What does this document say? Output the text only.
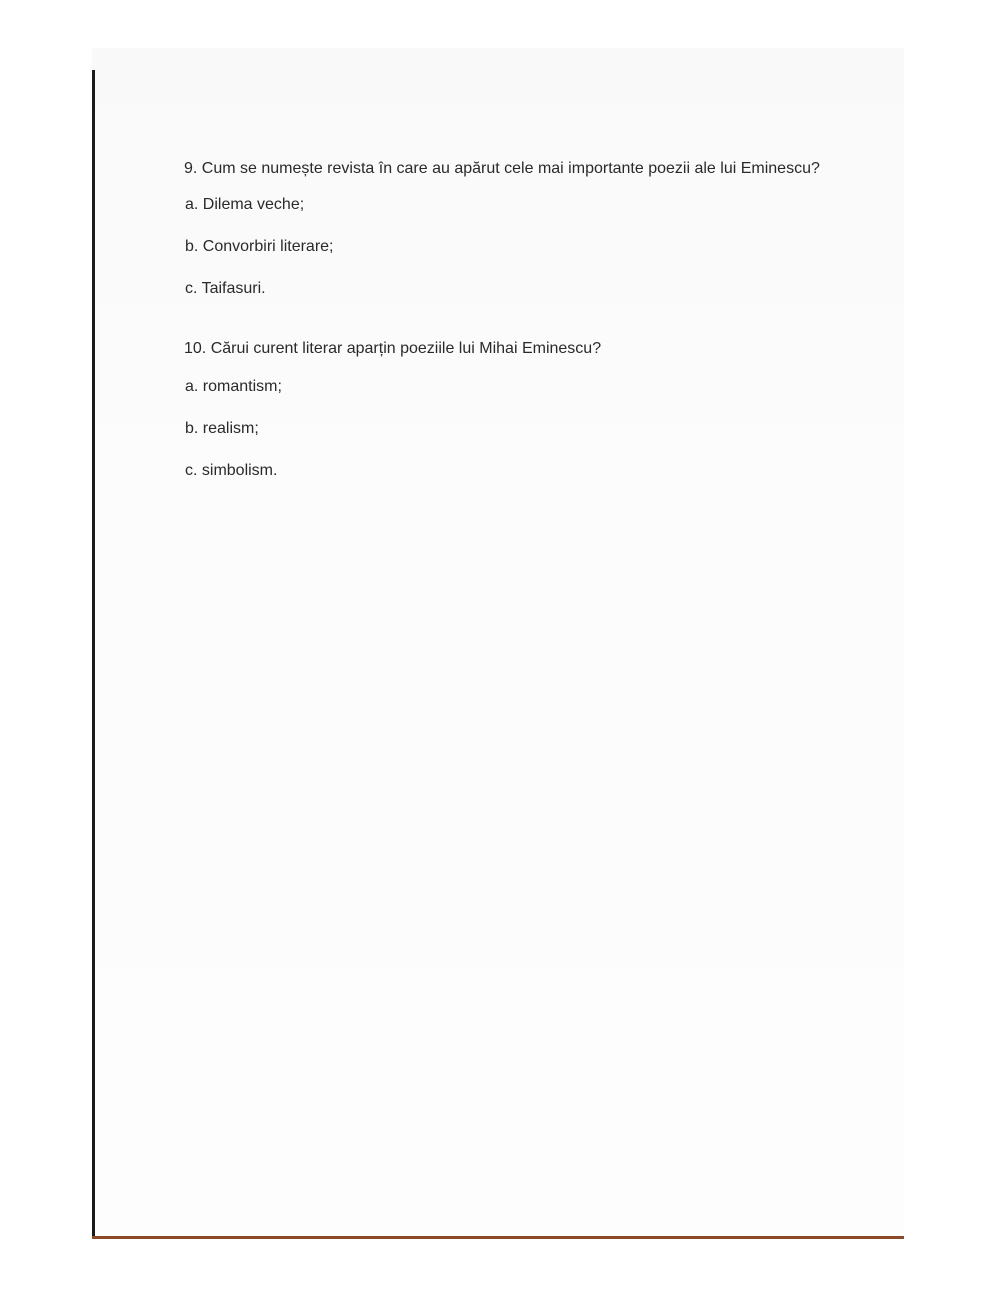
9. Cum se numește revista în care au apărut cele mai importante poezii ale lui Eminescu?

a. Dilema veche;
b. Convorbiri literare;
c. Taifasuri.

10. Cărui curent literar aparțin poeziile lui Mihai Eminescu?

a. romantism;
b. realism;
c. simbolism.
